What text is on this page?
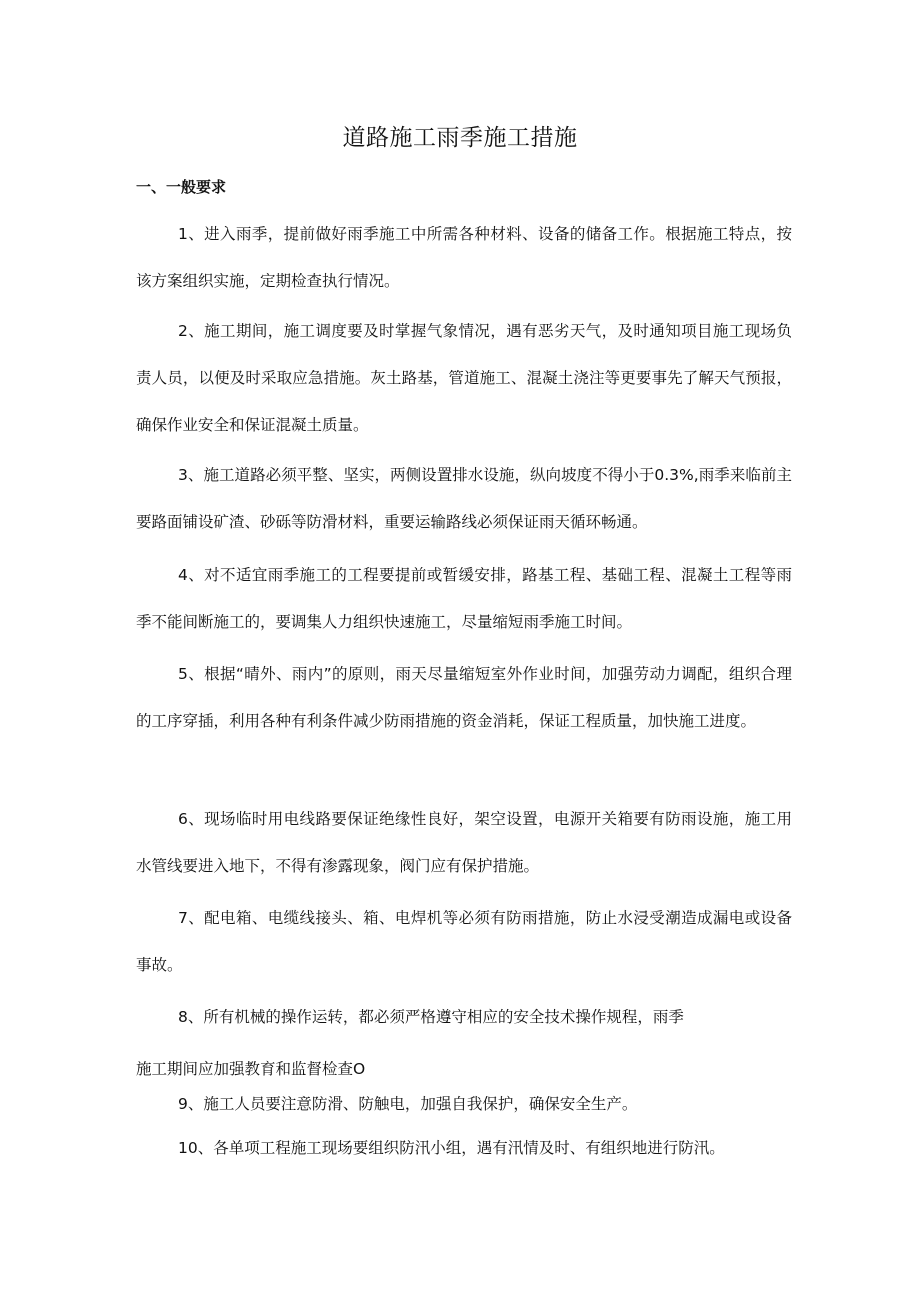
道路施工雨季施工措施
一、一般要求

1、进入雨季，提前做好雨季施工中所需各种材料、设备的储备工作。根据施工特点，按该方案组织实施，定期检查执行情况。

2、施工期间，施工调度要及时掌握气象情况，遇有恶劣天气，及时通知项目施工现场负责人员，以便及时采取应急措施。灰土路基，管道施工、混凝土浇注等更要事先了解天气预报，确保作业安全和保证混凝土质量。

3、施工道路必须平整、坚实，两侧设置排水设施，纵向坡度不得小于0.3%,雨季来临前主要路面铺设矿渣、砂砾等防滑材料，重要运输路线必须保证雨天循环畅通。

4、对不适宜雨季施工的工程要提前或暂缓安排，路基工程、基础工程、混凝土工程等雨季不能间断施工的，要调集人力组织快速施工，尽量缩短雨季施工时间。

5、根据“晴外、雨内”的原则，雨天尽量缩短室外作业时间，加强劳动力调配，组织合理的工序穿插，利用各种有利条件减少防雨措施的资金消耗，保证工程质量，加快施工进度。

6、现场临时用电线路要保证绝缘性良好，架空设置，电源开关箱要有防雨设施，施工用水管线要进入地下，不得有渗露现象，阀门应有保护措施。

7、配电箱、电缆线接头、箱、电焊机等必须有防雨措施，防止水浸受潮造成漏电或设备事故。

8、所有机械的操作运转，都必须严格遵守相应的安全技术操作规程，雨季

施工期间应加强教育和监督检查O

9、施工人员要注意防滑、防触电，加强自我保护，确保安全生产。

10、各单项工程施工现场要组织防汛小组，遇有汛情及时、有组织地进行防汛。
